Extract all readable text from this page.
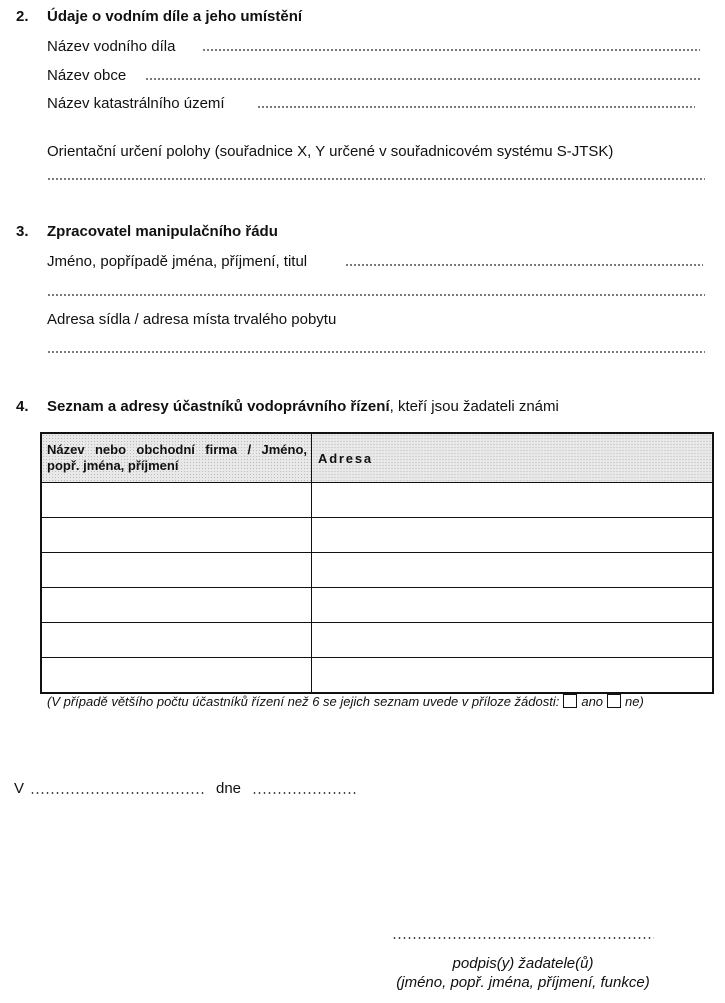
2. Údaje o vodním díle a jeho umístění
Název vodního díla
Název obce
Název katastrálního území
Orientační určení polohy (souřadnice X, Y určené v souřadnicovém systému S-JTSK)
3. Zpracovatel manipulačního řádu
Jméno, popřípadě jména, příjmení, titul
Adresa sídla / adresa místa trvalého pobytu
4. Seznam a adresy účastníků vodoprávního řízení, kteří jsou žadateli známi
Název nebo obchodní firma / Jméno, popř. jména, příjmení	Adresa

(V případě většího počtu účastníků řízení než 6 se jejich seznam uvede v příloze žádosti: ano ne)
V	dne
podpis(y) žadatele(ů)
(jméno, popř. jména, příjmení, funkce)
